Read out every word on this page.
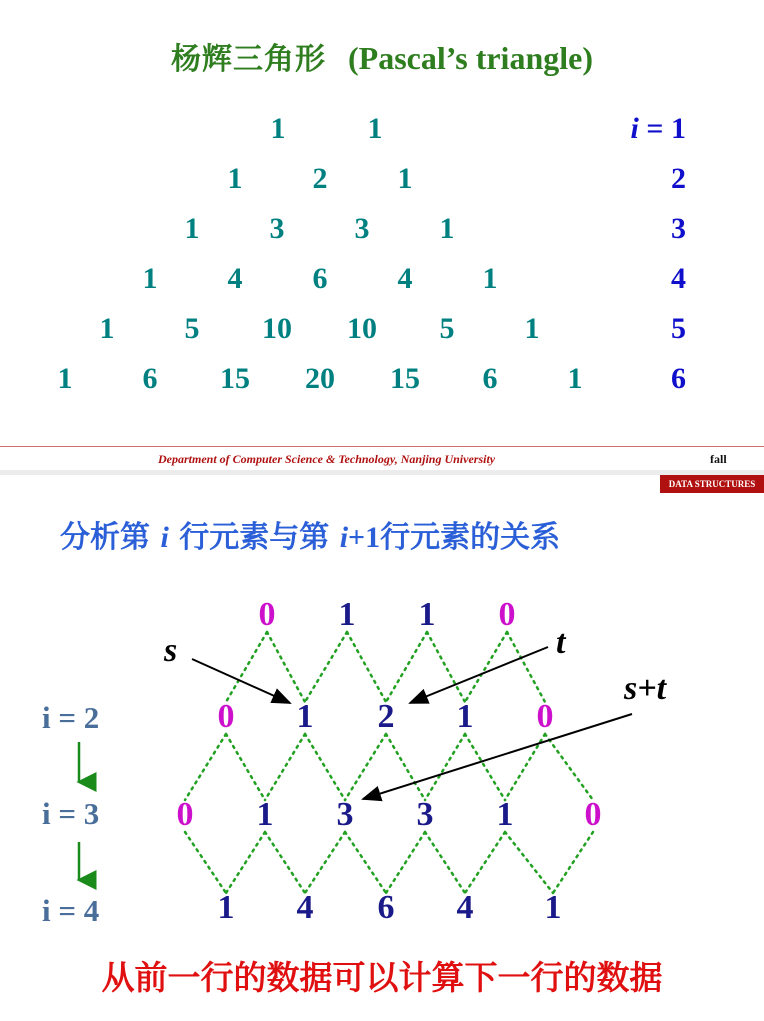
杨辉三角形 (Pascal’s triangle)
1	1	i = 1
1 2 1	2
1 3 3 1	3
1 4 6 4 1	4
1 5 10 10 5 1	5
1 6 15 20 15 6 1	6
Department of Computer Science & Technology, Nanjing University	fall
DATA STRUCTURES
分析第 i 行元素与第 i+1行元素的关系
0 1 1 0
0 1 2 1 0
0 1 3 3 1 0
1 4 6 4 1
s	t
s+t
i = 2
i = 3
i = 4
从前一行的数据可以计算下一行的数据
